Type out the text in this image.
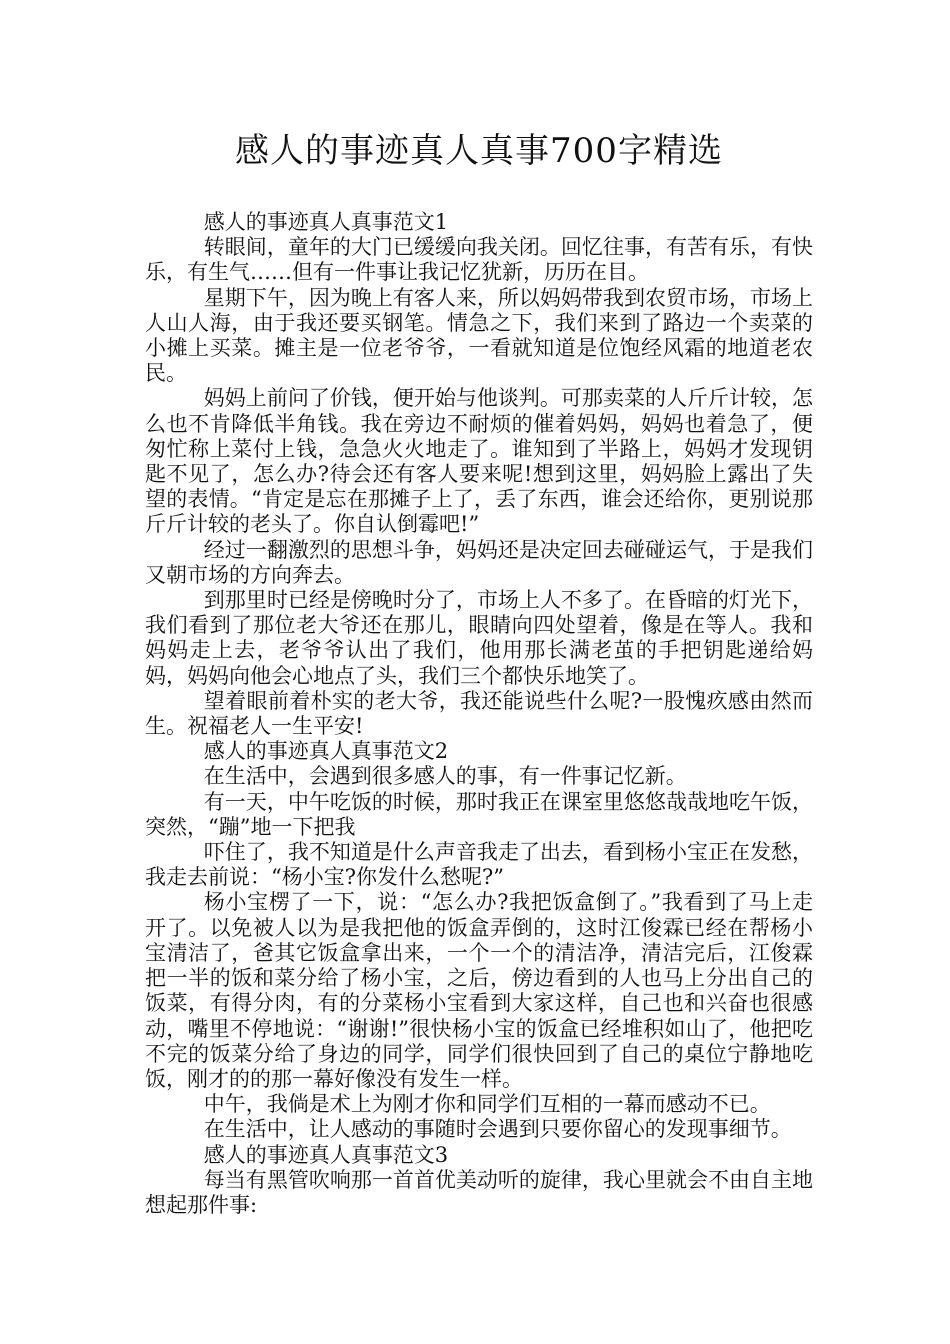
感人的事迹真人真事700字精选

感人的事迹真人真事范文1

转眼间，童年的大门已缓缓向我关闭。回忆往事，有苦有乐，有快乐，有生气……但有一件事让我记忆犹新，历历在目。

星期下午，因为晚上有客人来，所以妈妈带我到农贸市场，市场上人山人海，由于我还要买钢笔。情急之下，我们来到了路边一个卖菜的小摊上买菜。摊主是一位老爷爷，一看就知道是位饱经风霜的地道老农民。

妈妈上前问了价钱，便开始与他谈判。可那卖菜的人斤斤计较，怎么也不肯降低半角钱。我在旁边不耐烦的催着妈妈，妈妈也着急了，便匆忙称上菜付上钱，急急火火地走了。谁知到了半路上，妈妈才发现钥匙不见了，怎么办?待会还有客人要来呢!想到这里，妈妈脸上露出了失望的表情。“肯定是忘在那摊子上了，丢了东西，谁会还给你，更别说那斤斤计较的老头了。你自认倒霉吧!”

经过一翻激烈的思想斗争，妈妈还是决定回去碰碰运气，于是我们又朝市场的方向奔去。

到那里时已经是傍晚时分了，市场上人不多了。在昏暗的灯光下，我们看到了那位老大爷还在那儿，眼睛向四处望着，像是在等人。我和妈妈走上去，老爷爷认出了我们，他用那长满老茧的手把钥匙递给妈妈，妈妈向他会心地点了头，我们三个都快乐地笑了。

望着眼前着朴实的老大爷，我还能说些什么呢?一股愧疚感由然而生。祝福老人一生平安!

感人的事迹真人真事范文2

在生活中，会遇到很多感人的事，有一件事记忆新。

有一天，中午吃饭的时候，那时我正在课室里悠悠哉哉地吃午饭，突然，“蹦”地一下把我

吓住了，我不知道是什么声音我走了出去，看到杨小宝正在发愁，我走去前说：“杨小宝?你发什么愁呢?”

杨小宝楞了一下，说：“怎么办?我把饭盒倒了。”我看到了马上走开了。以免被人以为是我把他的饭盒弄倒的，这时江俊霖已经在帮杨小宝清洁了，爸其它饭盒拿出来，一个一个的清洁净，清洁完后，江俊霖把一半的饭和菜分给了杨小宝，之后，傍边看到的人也马上分出自己的饭菜，有得分肉，有的分菜杨小宝看到大家这样，自己也和兴奋也很感动，嘴里不停地说：“谢谢!”很快杨小宝的饭盒已经堆积如山了，他把吃不完的饭菜分给了身边的同学，同学们很快回到了自己的桌位宁静地吃饭，刚才的的那一幕好像没有发生一样。

中午，我倘是术上为刚才你和同学们互相的一幕而感动不已。

在生活中，让人感动的事随时会遇到只要你留心的发现事细节。

感人的事迹真人真事范文3

每当有黑管吹响那一首首优美动听的旋律，我心里就会不由自主地想起那件事:
